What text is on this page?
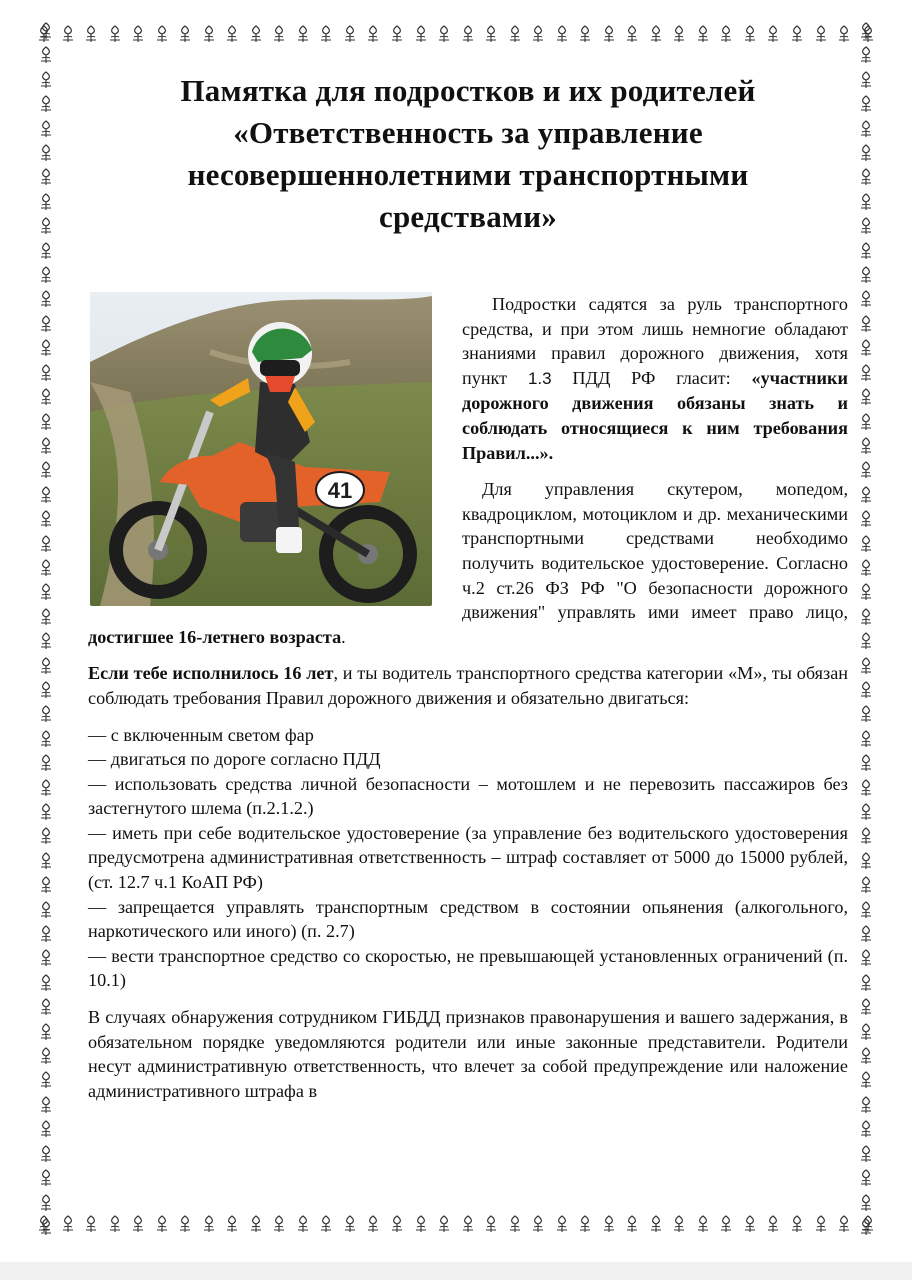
Памятка для подростков и их родителей
«Ответственность за управление
несовершеннолетними транспортными
средствами»
41

Подростки садятся за руль транспортного средства, и при этом лишь немногие обладают знаниями правил дорожного движения, хотя пункт 1.3 ПДД РФ гласит: «участники дорожного движения обязаны знать и соблюдать относящиеся к ним требования Правил...».

Для управления скутером, мопедом, квадроциклом, мотоциклом и др. механическими транспортными средствами необходимо получить водительское удостоверение. Согласно ч.2 ст.26 ФЗ РФ "О безопасности дорожного движения" управлять ими имеет право лицо, достигшее 16-летнего возраста.

Если тебе исполнилось 16 лет, и ты водитель транспортного средства категории «М», ты обязан соблюдать требования Правил дорожного движения и обязательно двигаться:

— с включенным светом фар
— двигаться по дороге согласно ПДД
— использовать средства личной безопасности – мотошлем и не перевозить пассажиров без застегнутого шлема (п.2.1.2.)
— иметь при себе водительское удостоверение (за управление без водительского удостоверения предусмотрена административная ответственность – штраф составляет от 5000 до 15000 рублей, (ст. 12.7 ч.1 КоАП РФ)
— запрещается управлять транспортным средством в состоянии опьянения (алкогольного, наркотического или иного) (п. 2.7)
— вести транспортное средство со скоростью, не превышающей установленных ограничений (п. 10.1)

В случаях обнаружения сотрудником ГИБДД признаков правонарушения и вашего задержания, в обязательном порядке уведомляются родители или иные законные представители. Родители несут административную ответственность, что влечет за собой предупреждение или наложение административного штрафа в
